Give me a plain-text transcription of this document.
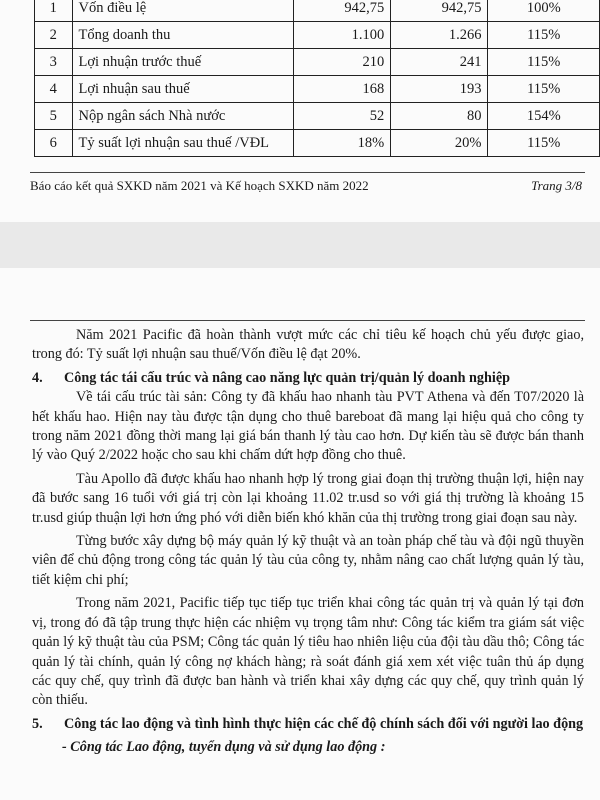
1	Vốn điều lệ	942,75	942,75	100%
2	Tổng doanh thu	1.100	1.266	115%
3	Lợi nhuận trước thuế	210	241	115%
4	Lợi nhuận sau thuế	168	193	115%
5	Nộp ngân sách Nhà nước	52	80	154%
6	Tỷ suất lợi nhuận sau thuế /VĐL	18%	20%	115%
Báo cáo kết quả SXKD năm 2021 và Kế hoạch SXKD năm 2022	Trang 3/8

Năm 2021 Pacific đã hoàn thành vượt mức các chỉ tiêu kế hoạch chủ yếu được giao, trong đó: Tỷ suất lợi nhuận sau thuế/Vốn điều lệ đạt 20%.

4.	Công tác tái cấu trúc và nâng cao năng lực quản trị/quản lý doanh nghiệp

Về tái cấu trúc tài sản: Công ty đã khấu hao nhanh tàu PVT Athena và đến T07/2020 là hết khấu hao. Hiện nay tàu được tận dụng cho thuê bareboat đã mang lại hiệu quả cho công ty trong năm 2021 đồng thời mang lại giá bán thanh lý tàu cao hơn. Dự kiến tàu sẽ được bán thanh lý vào Quý 2/2022 hoặc cho sau khi chấm dứt hợp đồng cho thuê.

Tàu Apollo đã được khấu hao nhanh hợp lý trong giai đoạn thị trường thuận lợi, hiện nay đã bước sang 16 tuổi với giá trị còn lại khoảng 11.02 tr.usd so với giá thị trường là khoảng 15 tr.usd giúp thuận lợi hơn ứng phó với diễn biến khó khăn của thị trường trong giai đoạn sau này.

Từng bước xây dựng bộ máy quản lý kỹ thuật và an toàn pháp chế tàu và đội ngũ thuyền viên để chủ động trong công tác quản lý tàu của công ty, nhằm nâng cao chất lượng quản lý tàu, tiết kiệm chi phí;

Trong năm 2021, Pacific tiếp tục tiếp tục triển khai công tác quản trị và quản lý tại đơn vị, trong đó đã tập trung thực hiện các nhiệm vụ trọng tâm như: Công tác kiểm tra giám sát việc quản lý kỹ thuật tàu của PSM; Công tác quản lý tiêu hao nhiên liệu của đội tàu dầu thô; Công tác quản lý tài chính, quản lý công nợ khách hàng; rà soát đánh giá xem xét việc tuân thủ áp dụng các quy chế, quy trình đã được ban hành và triển khai xây dựng các quy chế, quy trình quản lý còn thiếu.

5.	Công tác lao động và tình hình thực hiện các chế độ chính sách đối với người lao động
- Công tác Lao động, tuyển dụng và sử dụng lao động :
